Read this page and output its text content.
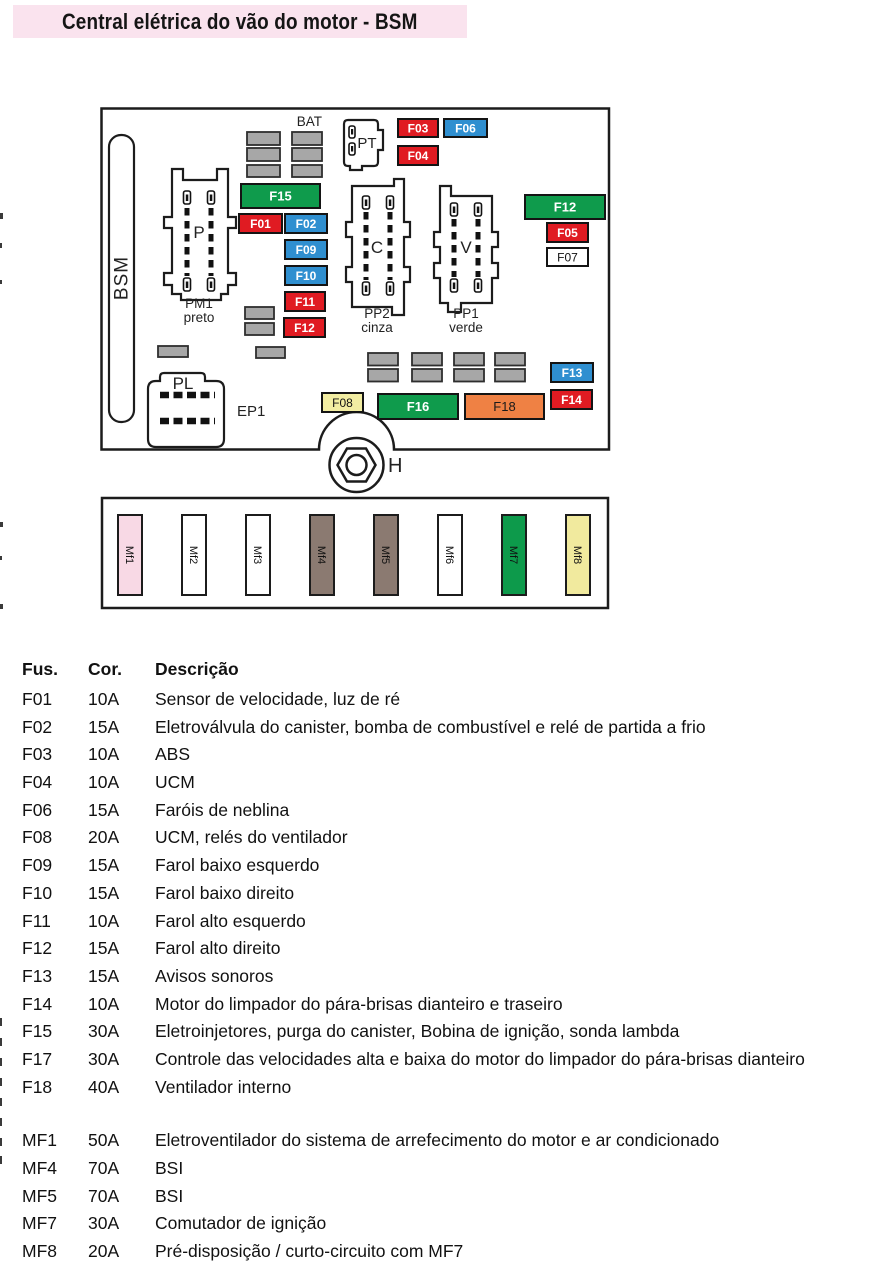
Central elétrica do vão do motor - BSM
BSM
P
PM1
preto
PT
BAT
C
PP2
cinza
V
PP1
verde
PL
EP1
F03 F06
F04
F15
F01 F02
F09
F10
F11
F12
F12
F05
F07
F13
F14
F08	F16	F18
H
Mf1	Mf2	Mf3	Mf4	Mf5	Mf6	Mf7	Mf8
Fus.	Cor.	Descrição
F01	10A	Sensor de velocidade, luz de ré
F02	15A	Eletroválvula do canister, bomba de combustível e relé de partida a frio
F03	10A	ABS
F04	10A	UCM
F06	15A	Faróis de neblina
F08	20A	UCM, relés do ventilador
F09	15A	Farol baixo esquerdo
F10	15A	Farol baixo direito
F11	10A	Farol alto esquerdo
F12	15A	Farol alto direito
F13	15A	Avisos sonoros
F14	10A	Motor do limpador do pára-brisas dianteiro e traseiro
F15	30A	Eletroinjetores, purga do canister, Bobina de ignição, sonda lambda
F17	30A	Controle das velocidades alta e baixa do motor do limpador do pára-brisas dianteiro
F18	40A	Ventilador interno
MF1	50A	Eletroventilador do sistema de arrefecimento do motor e ar condicionado
MF4	70A	BSI
MF5	70A	BSI
MF7	30A	Comutador de ignição
MF8	20A	Pré-disposição / curto-circuito com MF7
